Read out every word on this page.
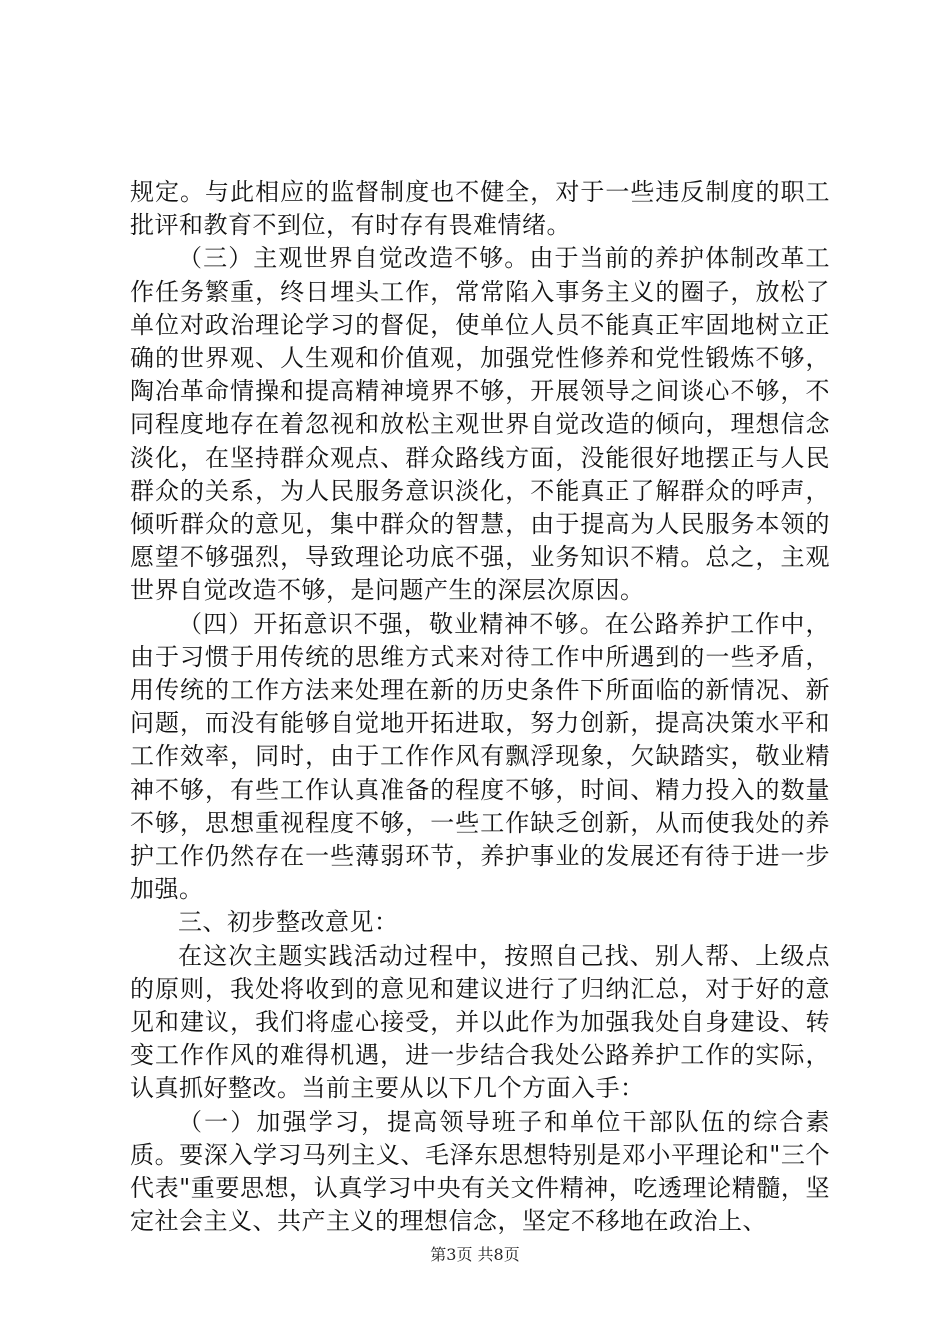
规定。与此相应的监督制度也不健全，对于一些违反制度的职工批评和教育不到位，有时存有畏难情绪。

（三）主观世界自觉改造不够。由于当前的养护体制改革工作任务繁重，终日埋头工作，常常陷入事务主义的圈子，放松了单位对政治理论学习的督促，使单位人员不能真正牢固地树立正确的世界观、人生观和价值观，加强党性修养和党性锻炼不够，陶冶革命情操和提高精神境界不够，开展领导之间谈心不够，不同程度地存在着忽视和放松主观世界自觉改造的倾向，理想信念淡化，在坚持群众观点、群众路线方面，没能很好地摆正与人民群众的关系，为人民服务意识淡化，不能真正了解群众的呼声，倾听群众的意见，集中群众的智慧，由于提高为人民服务本领的愿望不够强烈，导致理论功底不强，业务知识不精。总之，主观世界自觉改造不够，是问题产生的深层次原因。

（四）开拓意识不强，敬业精神不够。在公路养护工作中，由于习惯于用传统的思维方式来对待工作中所遇到的一些矛盾，用传统的工作方法来处理在新的历史条件下所面临的新情况、新问题，而没有能够自觉地开拓进取，努力创新，提高决策水平和工作效率，同时，由于工作作风有飘浮现象，欠缺踏实，敬业精神不够，有些工作认真准备的程度不够，时间、精力投入的数量不够，思想重视程度不够，一些工作缺乏创新，从而使我处的养护工作仍然存在一些薄弱环节，养护事业的发展还有待于进一步加强。

三、初步整改意见：

在这次主题实践活动过程中，按照自己找、别人帮、上级点的原则，我处将收到的意见和建议进行了归纳汇总，对于好的意见和建议，我们将虚心接受，并以此作为加强我处自身建设、转变工作作风的难得机遇，进一步结合我处公路养护工作的实际，认真抓好整改。当前主要从以下几个方面入手：

（一）加强学习，提高领导班子和单位干部队伍的综合素质。要深入学习马列主义、毛泽东思想特别是邓小平理论和"三个代表"重要思想，认真学习中央有关文件精神，吃透理论精髓，坚定社会主义、共产主义的理想信念，坚定不移地在政治上、

第3页 共8页
